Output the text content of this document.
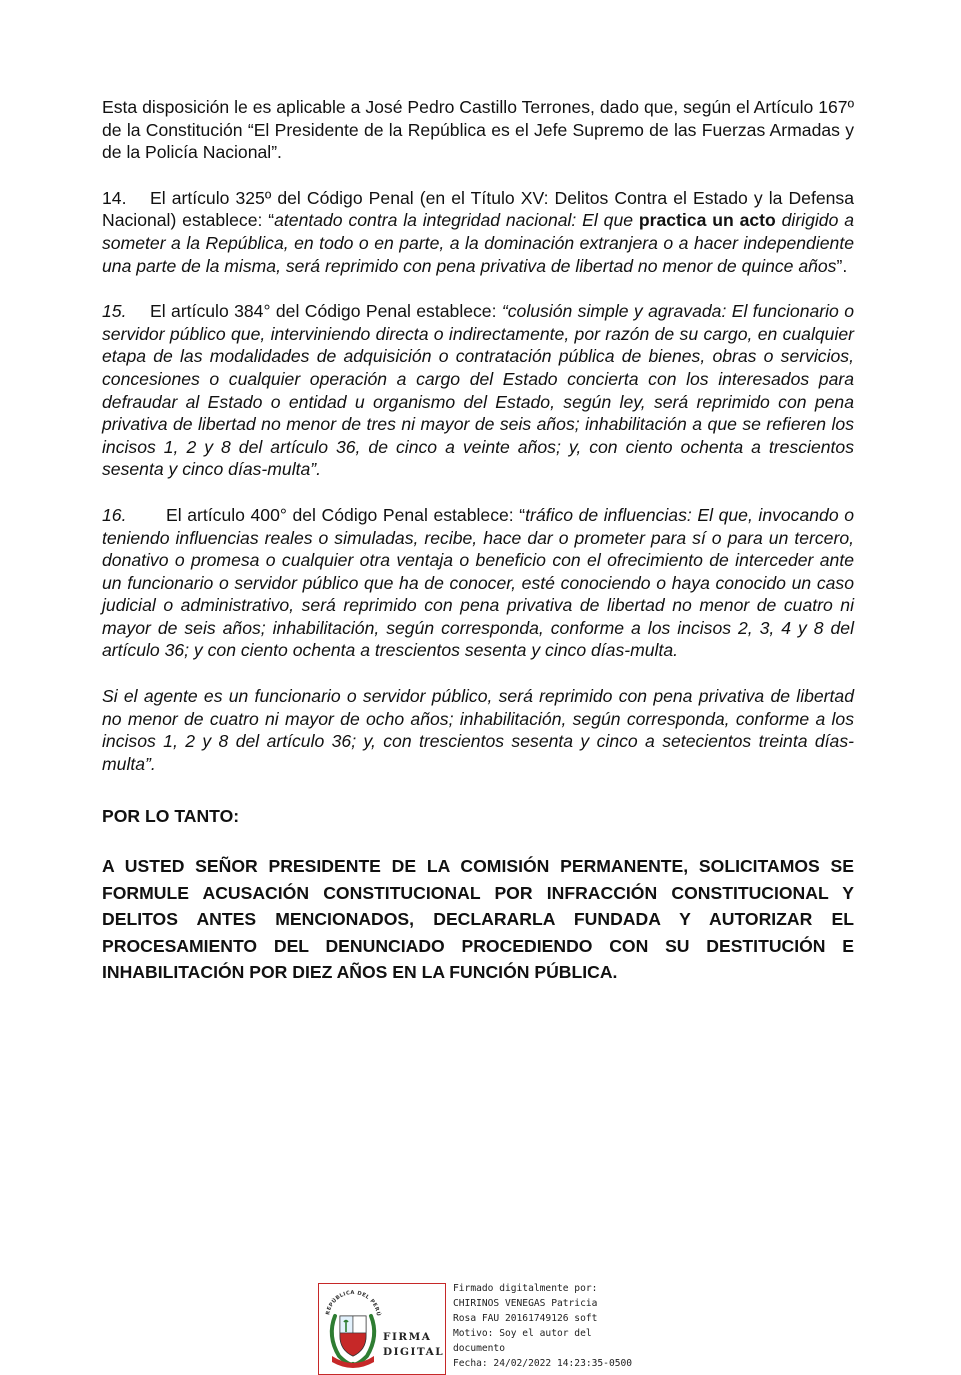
Esta disposición le es aplicable a José Pedro Castillo Terrones, dado que, según el Artículo 167º de la Constitución “El Presidente de la República es el Jefe Supremo de las Fuerzas Armadas y de la Policía Nacional”.

14. El artículo 325º del Código Penal (en el Título XV: Delitos Contra el Estado y la Defensa Nacional) establece: “atentado contra la integridad nacional: El que practica un acto dirigido a someter a la República, en todo o en parte, a la dominación extranjera o a hacer independiente una parte de la misma, será reprimido con pena privativa de libertad no menor de quince años”.

15. El artículo 384° del Código Penal establece: “colusión simple y agravada: El funcionario o servidor público que, interviniendo directa o indirectamente, por razón de su cargo, en cualquier etapa de las modalidades de adquisición o contratación pública de bienes, obras o servicios, concesiones o cualquier operación a cargo del Estado concierta con los interesados para defraudar al Estado o entidad u organismo del Estado, según ley, será reprimido con pena privativa de libertad no menor de tres ni mayor de seis años; inhabilitación a que se refieren los incisos 1, 2 y 8 del artículo 36, de cinco a veinte años; y, con ciento ochenta a trescientos sesenta y cinco días-multa”.

16. El artículo 400° del Código Penal establece: “tráfico de influencias: El que, invocando o teniendo influencias reales o simuladas, recibe, hace dar o prometer para sí o para un tercero, donativo o promesa o cualquier otra ventaja o beneficio con el ofrecimiento de interceder ante un funcionario o servidor público que ha de conocer, esté conociendo o haya conocido un caso judicial o administrativo, será reprimido con pena privativa de libertad no menor de cuatro ni mayor de seis años; inhabilitación, según corresponda, conforme a los incisos 2, 3, 4 y 8 del artículo 36; y con ciento ochenta a trescientos sesenta y cinco días-multa.

Si el agente es un funcionario o servidor público, será reprimido con pena privativa de libertad no menor de cuatro ni mayor de ocho años; inhabilitación, según corresponda, conforme a los incisos 1, 2 y 8 del artículo 36; y, con trescientos sesenta y cinco a setecientos treinta días-multa”.

POR LO TANTO:

A USTED SEÑOR PRESIDENTE DE LA COMISIÓN PERMANENTE, SOLICITAMOS SE FORMULE ACUSACIÓN CONSTITUCIONAL POR INFRACCIÓN CONSTITUCIONAL Y DELITOS ANTES MENCIONADOS, DECLARARLA FUNDADA Y AUTORIZAR EL PROCESAMIENTO DEL DENUNCIADO PROCEDIENDO CON SU DESTITUCIÓN E INHABILITACIÓN POR DIEZ AÑOS EN LA FUNCIÓN PÚBLICA.

REPÚBLICA DEL PERÚ
FIRMA
DIGITAL
Firmado digitalmente por:
CHIRINOS VENEGAS Patricia
Rosa FAU 20161749126 soft
Motivo: Soy el autor del
documento
Fecha: 24/02/2022 14:23:35-0500
